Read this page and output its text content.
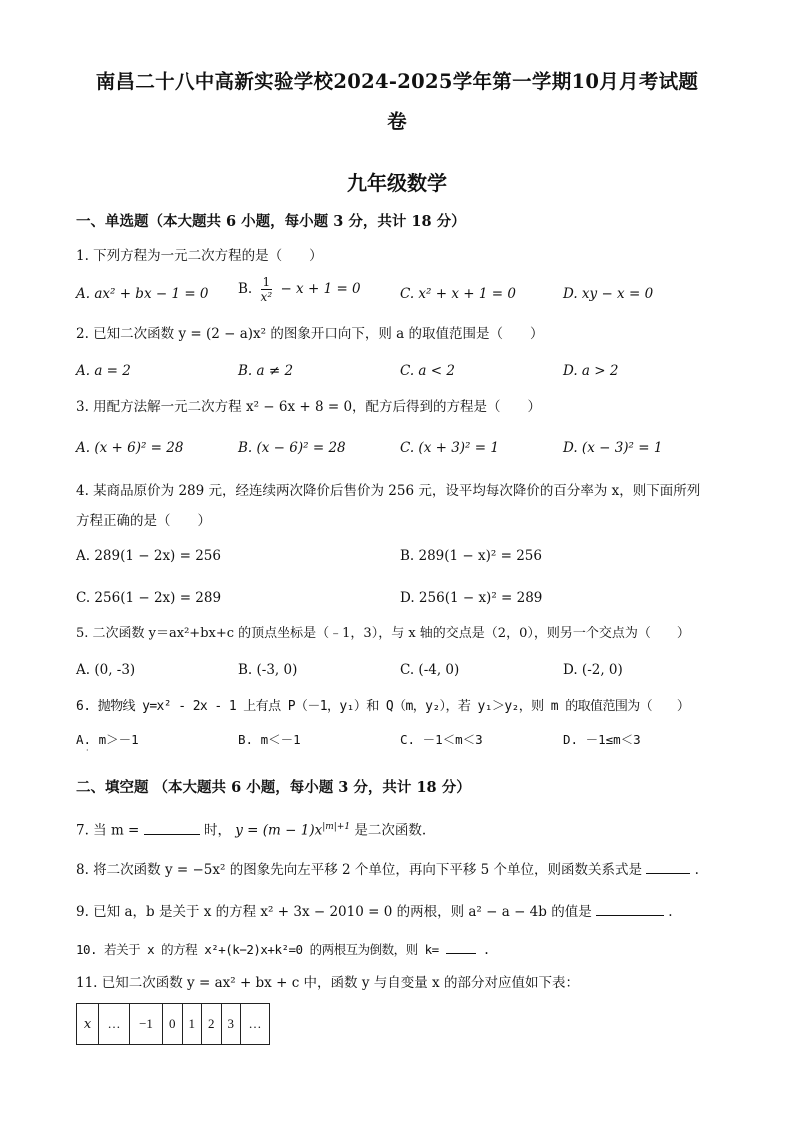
南昌二十八中高新实验学校2024-2025学年第一学期10月月考试题
卷
九年级数学
一、单选题（本大题共 6 小题，每小题 3 分，共计 18 分）
1. 下列方程为一元二次方程的是（　　）
A. ax² + bx − 1 = 0 B. $\frac{1}{\text{x²}} - x + 1 = 0$	C. x² + x + 1 = 0	D. xy − x = 0
2. 已知二次函数 y = (2 − a)x² 的图象开口向下，则 a 的取值范围是（　　）
A. a = 2	B. a ≠ 2	C. a < 2	D. a > 2
3. 用配方法解一元二次方程 x² − 6x + 8 = 0，配方后得到的方程是（　　）
A. (x + 6)² = 28	B. (x − 6)² = 28	C. (x + 3)² = 1	D. (x − 3)² = 1
4. 某商品原价为 289 元，经连续两次降价后售价为 256 元，设平均每次降价的百分率为 x，则下面所列
方程正确的是（　　）
A. 289(1 − 2x) = 256	B. 289(1 − x)² = 256
C. 256(1 − 2x) = 289	D. 256(1 − x)² = 289
5. 二次函数 y＝ax²+bx+c 的顶点坐标是（﹣1，3），与 x 轴的交点是（2，0），则另一个交点为（　　）
A. (0, -3)	B. (-3, 0)	C. (-4, 0)	D. (-2, 0)
6. 抛物线 y=x² - 2x - 1 上有点 P（－1，y₁）和 Q（m，y₂），若 y₁＞y₂，则 m 的取值范围为（　　）
A. m＞－1	B. m＜－1	C. －1＜m＜3	D. －1≤m＜3
·
二、填空题 （本大题共 6 小题，每小题 3 分，共计 18 分）
7. 当 m =	时， $y = (m - 1)x^{|m|+1}$ 是二次函数.
8. 将二次函数 y = −5x² 的图象先向左平移 2 个单位，再向下平移 5 个单位，则函数关系式是	.
9. 已知 a，b 是关于 x 的方程 x² + 3x − 2010 = 0 的两根，则 a² − a − 4b 的值是	.
10. 若关于 x 的方程 x²+(k−2)x+k²=0 的两根互为倒数，则 k=	.
11. 已知二次函数 y = ax² + bx + c 中，函数 y 与自变量 x 的部分对应值如下表：
x	…	−1	0	1	2	3	…
